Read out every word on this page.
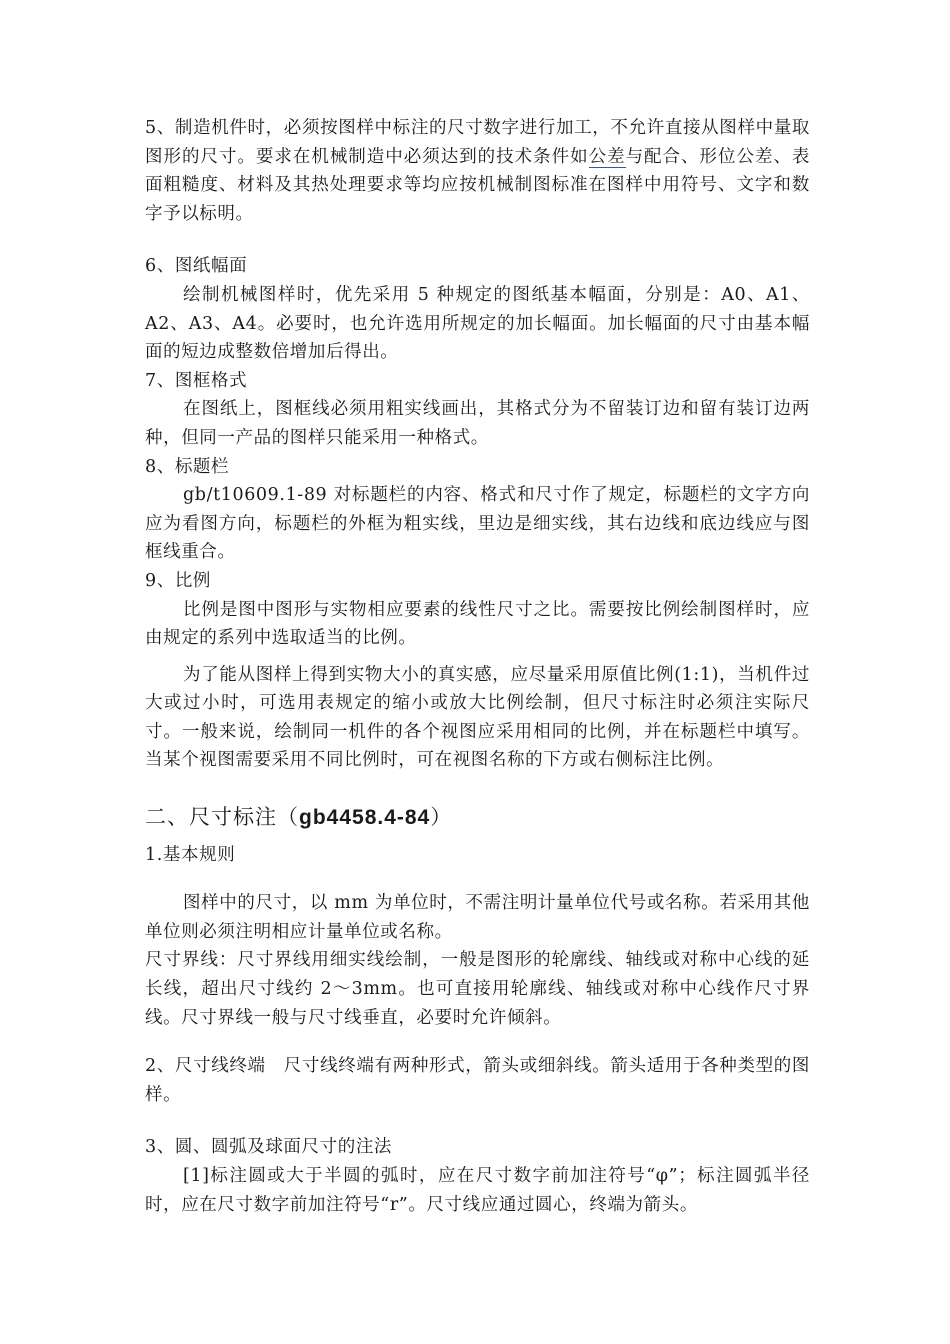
5、制造机件时，必须按图样中标注的尺寸数字进行加工，不允许直接从图样中量取图形的尺寸。要求在机械制造中必须达到的技术条件如公差与配合、形位公差、表面粗糙度、材料及其热处理要求等均应按机械制图标准在图样中用符号、文字和数字予以标明。

6、图纸幅面

绘制机械图样时，优先采用 5 种规定的图纸基本幅面，分别是：A0、A1、A2、A3、A4。必要时，也允许选用所规定的加长幅面。加长幅面的尺寸由基本幅面的短边成整数倍增加后得出。

7、图框格式

在图纸上，图框线必须用粗实线画出，其格式分为不留装订边和留有装订边两种，但同一产品的图样只能采用一种格式。

8、标题栏

gb/t10609.1-89 对标题栏的内容、格式和尺寸作了规定，标题栏的文字方向应为看图方向，标题栏的外框为粗实线，里边是细实线，其右边线和底边线应与图框线重合。

9、比例

比例是图中图形与实物相应要素的线性尺寸之比。需要按比例绘制图样时，应由规定的系列中选取适当的比例。

为了能从图样上得到实物大小的真实感，应尽量采用原值比例(1:1)，当机件过大或过小时，可选用表规定的缩小或放大比例绘制，但尺寸标注时必须注实际尺寸。一般来说，绘制同一机件的各个视图应采用相同的比例，并在标题栏中填写。当某个视图需要采用不同比例时，可在视图名称的下方或右侧标注比例。

二、尺寸标注（gb4458.4-84）

1.基本规则

图样中的尺寸，以 mm 为单位时，不需注明计量单位代号或名称。若采用其他单位则必须注明相应计量单位或名称。

尺寸界线：尺寸界线用细实线绘制，一般是图形的轮廓线、轴线或对称中心线的延长线，超出尺寸线约 2～3mm。也可直接用轮廓线、轴线或对称中心线作尺寸界线。尺寸界线一般与尺寸线垂直，必要时允许倾斜。

2、尺寸线终端　尺寸线终端有两种形式，箭头或细斜线。箭头适用于各种类型的图样。

3、圆、圆弧及球面尺寸的注法

[1]标注圆或大于半圆的弧时，应在尺寸数字前加注符号“φ”；标注圆弧半径时，应在尺寸数字前加注符号“r”。尺寸线应通过圆心，终端为箭头。
